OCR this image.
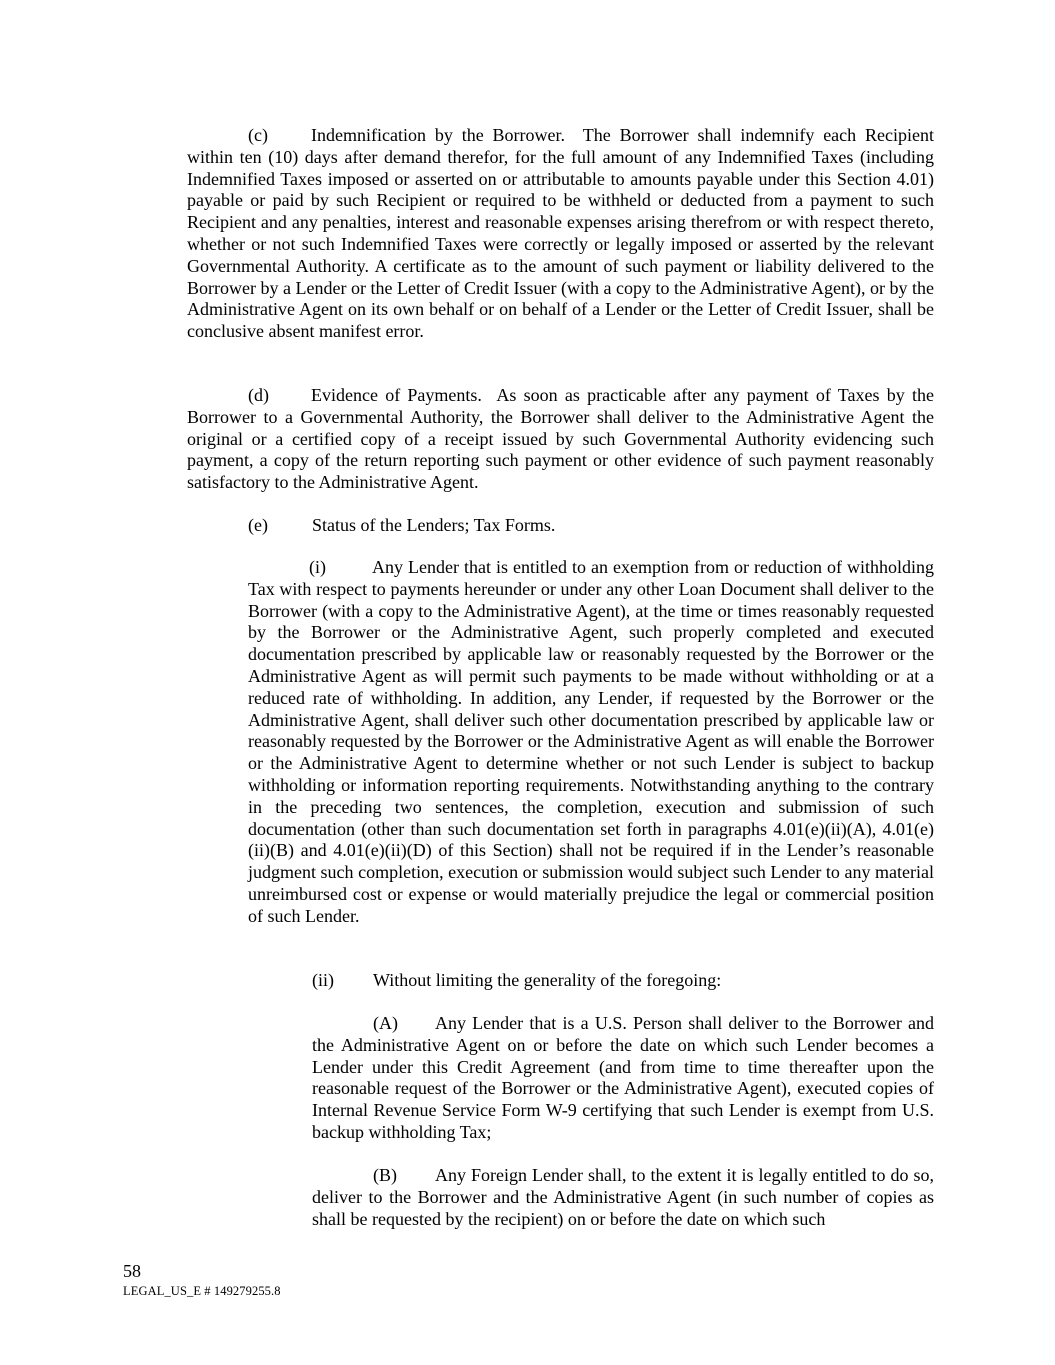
(c) Indemnification by the Borrower. The Borrower shall indemnify each Recipient within ten (10) days after demand therefor, for the full amount of any Indemnified Taxes (including Indemnified Taxes imposed or asserted on or attributable to amounts payable under this Section 4.01) payable or paid by such Recipient or required to be withheld or deducted from a payment to such Recipient and any penalties, interest and reasonable expenses arising therefrom or with respect thereto, whether or not such Indemnified Taxes were correctly or legally imposed or asserted by the relevant Governmental Authority. A certificate as to the amount of such payment or liability delivered to the Borrower by a Lender or the Letter of Credit Issuer (with a copy to the Administrative Agent), or by the Administrative Agent on its own behalf or on behalf of a Lender or the Letter of Credit Issuer, shall be conclusive absent manifest error.
(d) Evidence of Payments. As soon as practicable after any payment of Taxes by the Borrower to a Governmental Authority, the Borrower shall deliver to the Administrative Agent the original or a certified copy of a receipt issued by such Governmental Authority evidencing such payment, a copy of the return reporting such payment or other evidence of such payment reasonably satisfactory to the Administrative Agent.
(e) Status of the Lenders; Tax Forms.
(i)	Any Lender that is entitled to an exemption from or reduction of withholding Tax with respect to payments hereunder or under any other Loan Document shall deliver to the Borrower (with a copy to the Administrative Agent), at the time or times reasonably requested by the Borrower or the Administrative Agent, such properly completed and executed documentation prescribed by applicable law or reasonably requested by the Borrower or the Administrative Agent as will permit such payments to be made without withholding or at a reduced rate of withholding. In addition, any Lender, if requested by the Borrower or the Administrative Agent, shall deliver such other documentation prescribed by applicable law or reasonably requested by the Borrower or the Administrative Agent as will enable the Borrower or the Administrative Agent to determine whether or not such Lender is subject to backup withholding or information reporting requirements. Notwithstanding anything to the contrary in the preceding two sentences, the completion, execution and submission of such documentation (other than such documentation set forth in paragraphs 4.01(e)(ii)(A), 4.01(e)(ii)(B) and 4.01(e)(ii)(D) of this Section) shall not be required if in the Lender’s reasonable judgment such completion, execution or submission would subject such Lender to any material unreimbursed cost or expense or would materially prejudice the legal or commercial position of such Lender.
(ii) Without limiting the generality of the foregoing:
(A) Any Lender that is a U.S. Person shall deliver to the Borrower and the Administrative Agent on or before the date on which such Lender becomes a Lender under this Credit Agreement (and from time to time thereafter upon the reasonable request of the Borrower or the Administrative Agent), executed copies of Internal Revenue Service Form W-9 certifying that such Lender is exempt from U.S. backup withholding Tax;
(B) Any Foreign Lender shall, to the extent it is legally entitled to do so, deliver to the Borrower and the Administrative Agent (in such number of copies as shall be requested by the recipient) on or before the date on which such
58
LEGAL_US_E # 149279255.8
